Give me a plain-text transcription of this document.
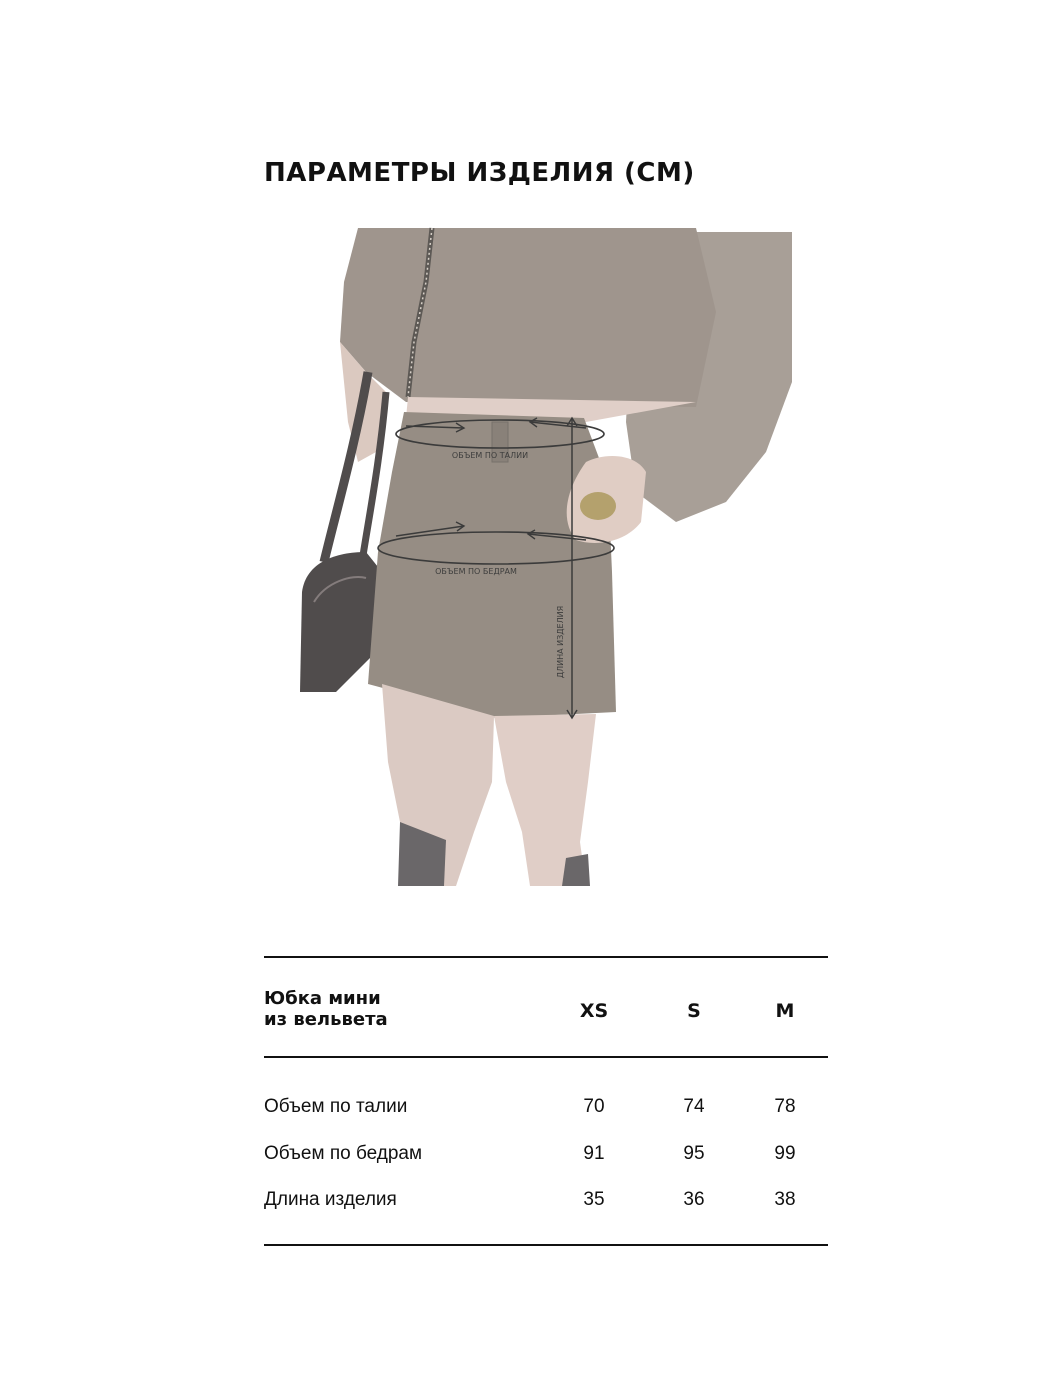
ПАРАМЕТРЫ ИЗДЕЛИЯ (СМ)
ОБЪЕМ ПО ТАЛИИ
ОБЪЕМ ПО БЕДРАМ
ДЛИНА ИЗДЕЛИЯ
Юбка мини
из вельвета	XS	S	M
Объем по талии	70	74	78
Объем по бедрам	91	95	99
Длина изделия	35	36	38
